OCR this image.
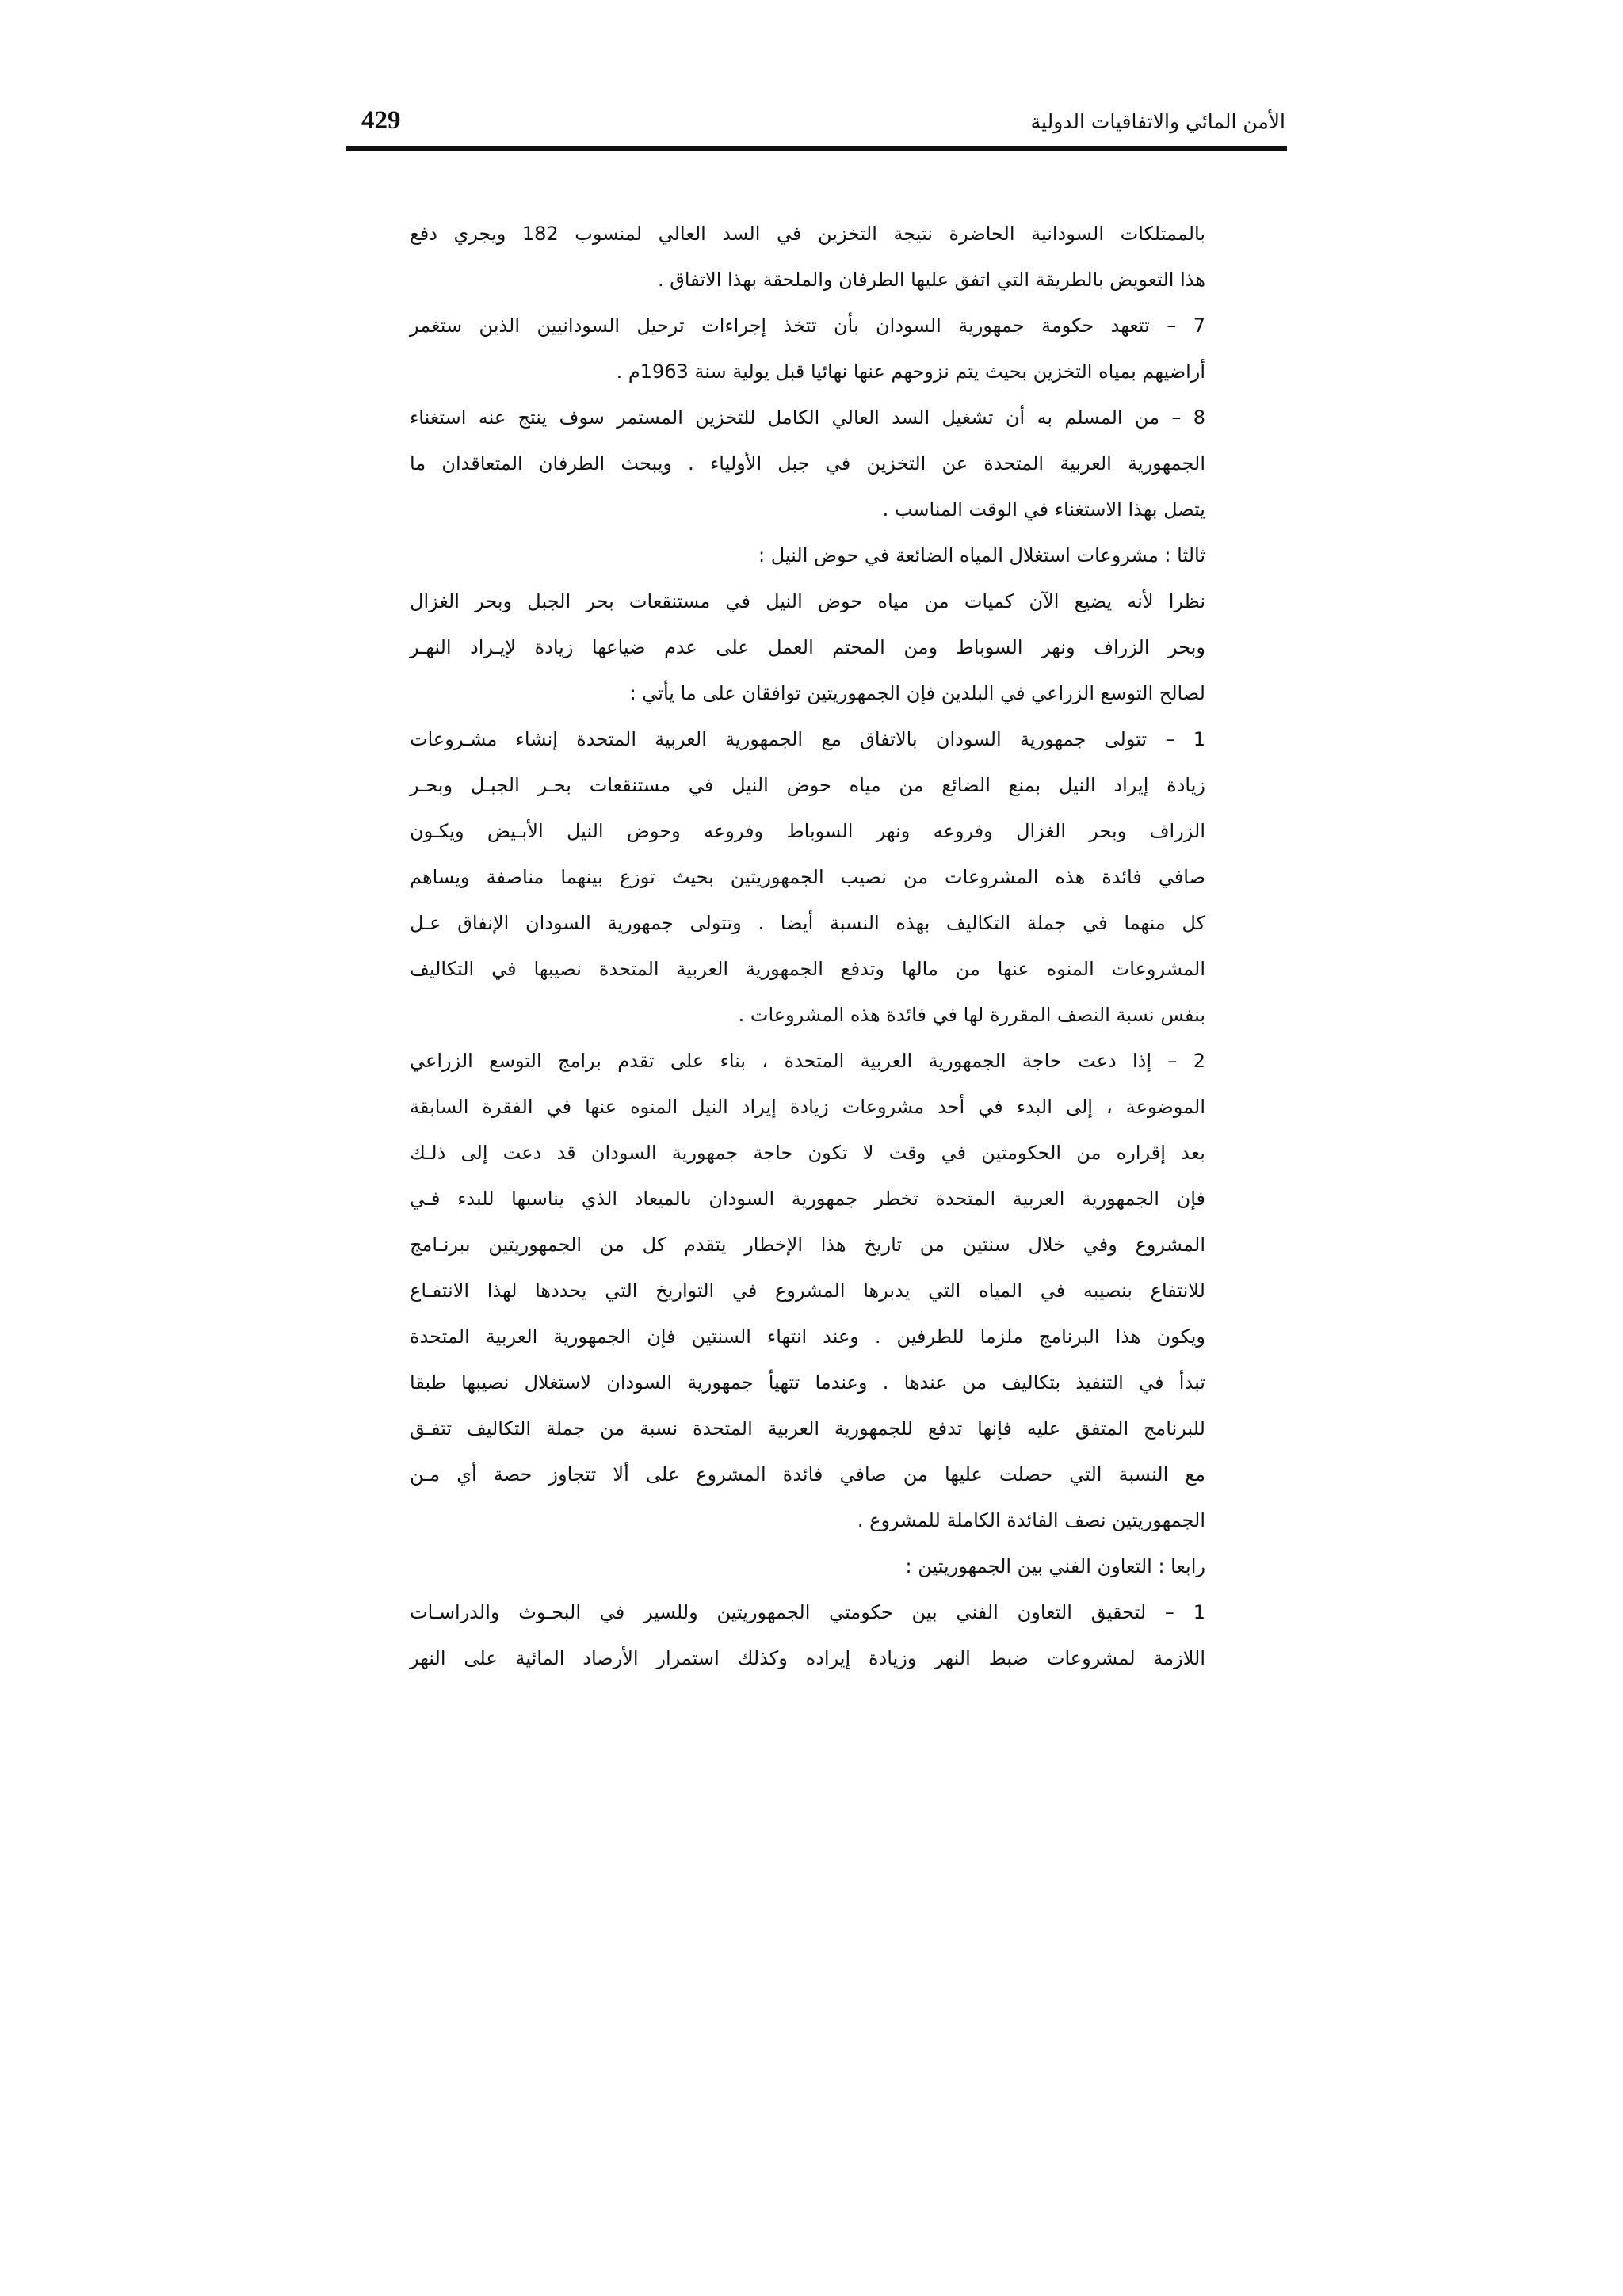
429	الأمن المائي والاتفاقيات الدولية
بالممتلكات السودانية الحاضرة نتيجة التخزين في السد العالي لمنسوب 182 ويجري دفع
هذا التعويض بالطريقة التي اتفق عليها الطرفان والملحقة بهذا الاتفاق .
7 – تتعهد حكومة جمهورية السودان بأن تتخذ إجراءات ترحيل السودانيين الذين ستغمر
أراضيهم بمياه التخزين بحيث يتم نزوحهم عنها نهائيا قبل يولية سنة 1963م .
8 – من المسلم به أن تشغيل السد العالي الكامل للتخزين المستمر سوف ينتج عنه استغناء
الجمهورية العربية المتحدة عن التخزين في جبل الأولياء . ويبحث الطرفان المتعاقدان ما
يتصل بهذا الاستغناء في الوقت المناسب .
ثالثا : مشروعات استغلال المياه الضائعة في حوض النيل :
نظرا لأنه يضيع الآن كميات من مياه حوض النيل في مستنقعات بحر الجبل وبحر الغزال
وبحر الزراف ونهر السوباط ومن المحتم العمل على عدم ضياعها زيادة لإيـراد النهـر
لصالح التوسع الزراعي في البلدين فإن الجمهوريتين توافقان على ما يأتي :
1 – تتولى جمهورية السودان بالاتفاق مع الجمهورية العربية المتحدة إنشاء مشـروعات
زيادة إيراد النيل بمنع الضائع من مياه حوض النيل في مستنقعات بحـر الجبـل وبحـر
الزراف وبحر الغزال وفروعه ونهر السوباط وفروعه وحوض النيل الأبـيض ويكـون
صافي فائدة هذه المشروعات من نصيب الجمهوريتين بحيث توزع بينهما مناصفة ويساهم
كل منهما في جملة التكاليف بهذه النسبة أيضا . وتتولى جمهورية السودان الإنفاق عـل
المشروعات المنوه عنها من مالها وتدفع الجمهورية العربية المتحدة نصيبها في التكاليف
بنفس نسبة النصف المقررة لها في فائدة هذه المشروعات .
2 – إذا دعت حاجة الجمهورية العربية المتحدة ، بناء على تقدم برامج التوسع الزراعي
الموضوعة ، إلى البدء في أحد مشروعات زيادة إيراد النيل المنوه عنها في الفقرة السابقة
بعد إقراره من الحكومتين في وقت لا تكون حاجة جمهورية السودان قد دعت إلى ذلـك
فإن الجمهورية العربية المتحدة تخطر جمهورية السودان بالميعاد الذي يناسبها للبدء فـي
المشروع وفي خلال سنتين من تاريخ هذا الإخطار يتقدم كل من الجمهوريتين ببرنـامج
للانتفاع بنصيبه في المياه التي يدبرها المشروع في التواريخ التي يحددها لهذا الانتفـاع
ويكون هذا البرنامج ملزما للطرفين . وعند انتهاء السنتين فإن الجمهورية العربية المتحدة
تبدأ في التنفيذ بتكاليف من عندها . وعندما تتهيأ جمهورية السودان لاستغلال نصيبها طبقا
للبرنامج المتفق عليه فإنها تدفع للجمهورية العربية المتحدة نسبة من جملة التكاليف تتفـق
مع النسبة التي حصلت عليها من صافي فائدة المشروع على ألا تتجاوز حصة أي مـن
الجمهوريتين نصف الفائدة الكاملة للمشروع .
رابعا : التعاون الفني بين الجمهوريتين :
1 – لتحقيق التعاون الفني بين حكومتي الجمهوريتين وللسير في البحـوث والدراسـات
اللازمة لمشروعات ضبط النهر وزيادة إيراده وكذلك استمرار الأرصاد المائية على النهر
